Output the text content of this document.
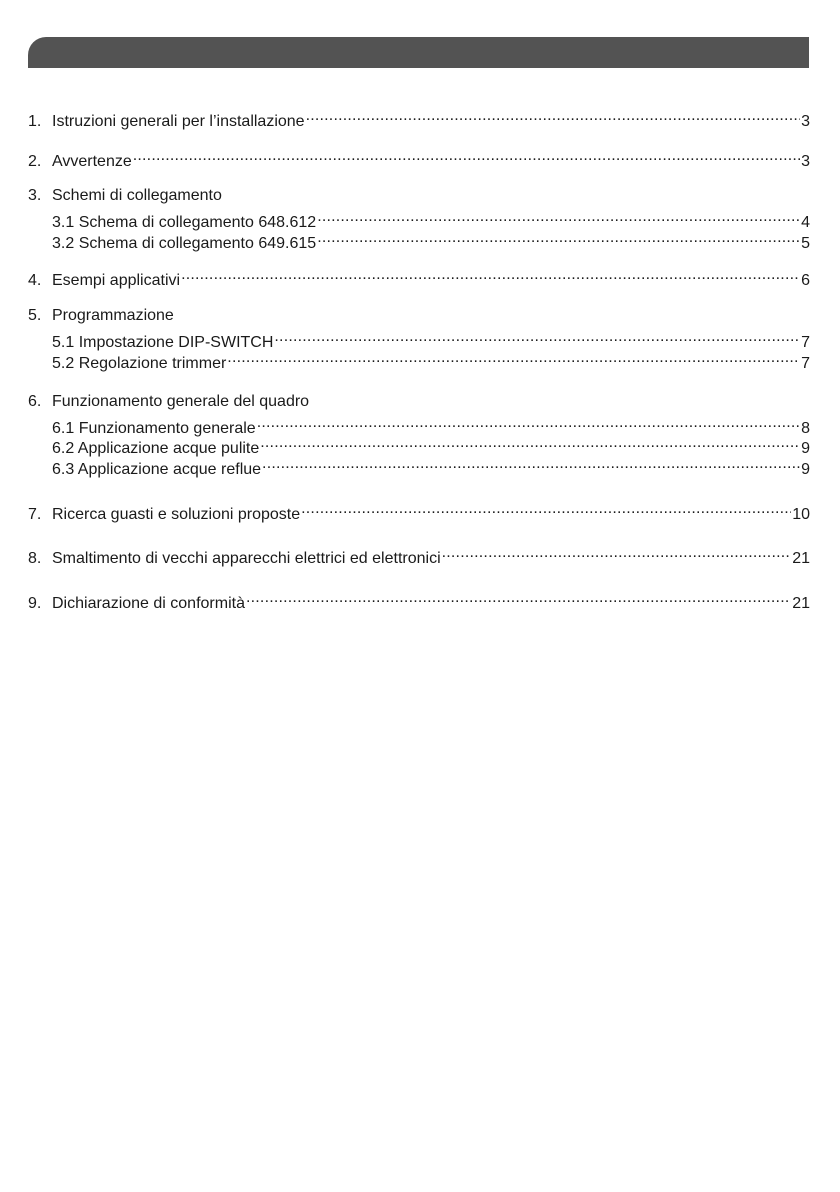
1. Istruzioni generali per l’installazione .....	3
2. Avvertenze .....	3
3. Schemi di collegamento
3.1 Schema di collegamento 648.612 .....	4
3.2 Schema di collegamento 649.615 .....	5
4. Esempi applicativi .....	6
5. Programmazione
5.1 Impostazione DIP-SWITCH .....	7
5.2 Regolazione trimmer .....	7
6. Funzionamento generale del quadro
6.1 Funzionamento generale .....	8
6.2 Applicazione acque pulite .....	9
6.3 Applicazione acque reflue .....	9
7. Ricerca guasti e soluzioni proposte .....	10
8. Smaltimento di vecchi apparecchi elettrici ed elettronici .....	21
9. Dichiarazione di conformità .....	21
